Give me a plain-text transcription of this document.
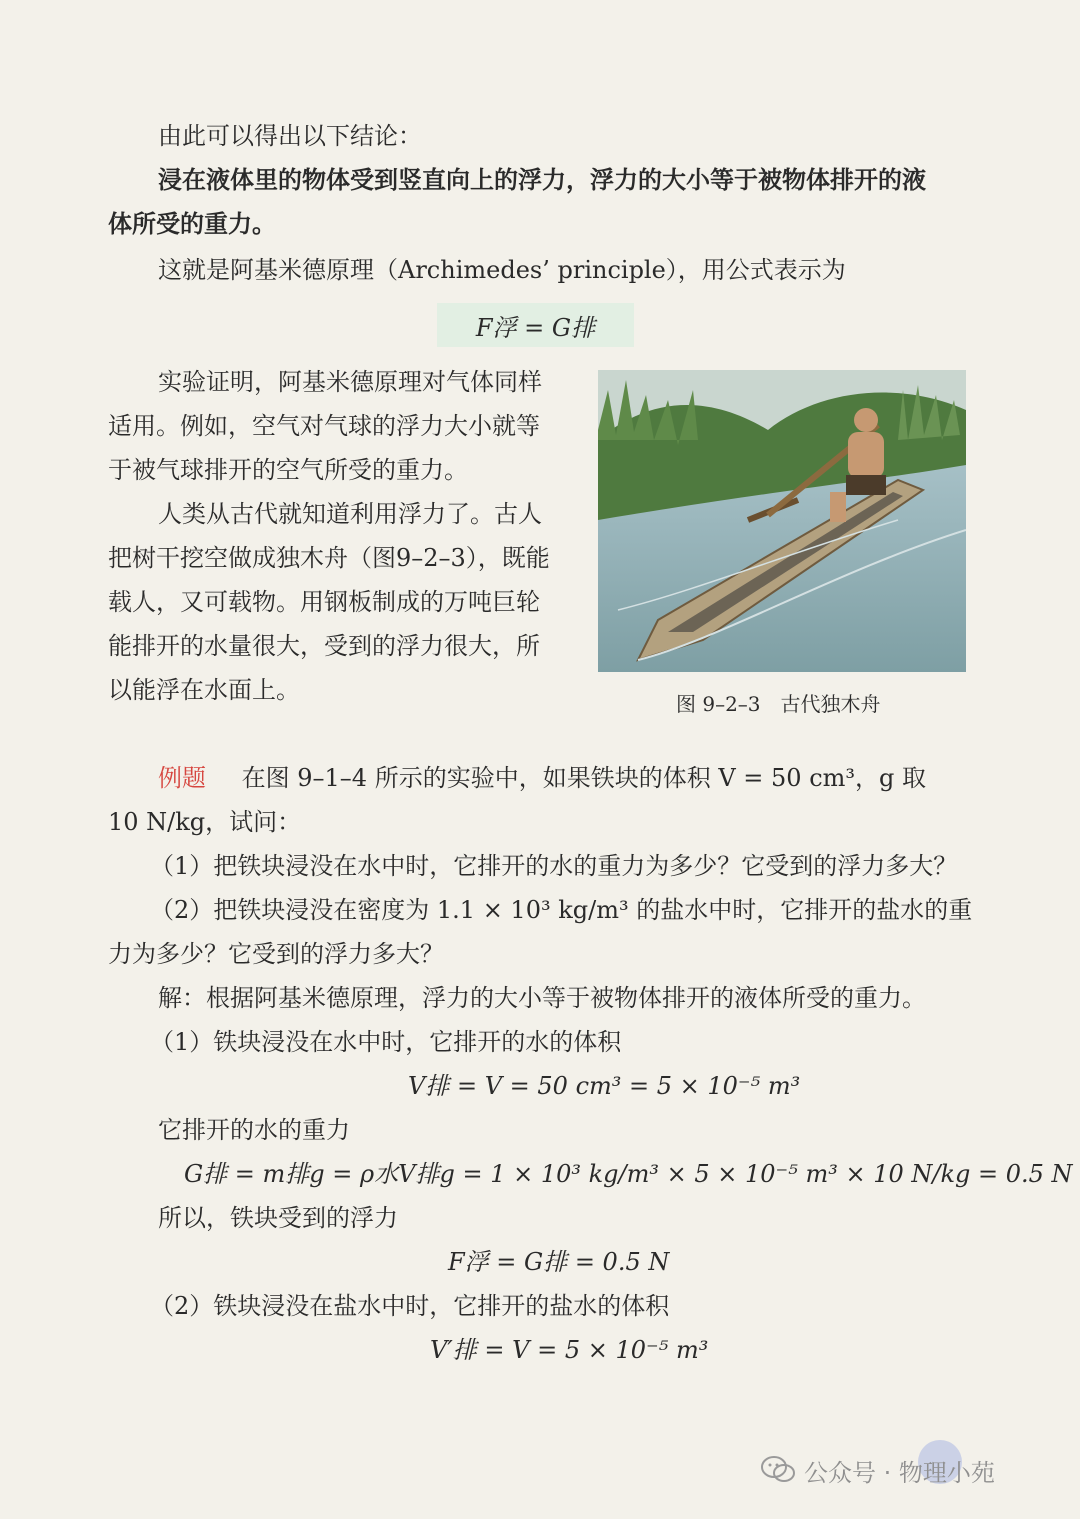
由此可以得出以下结论：
浸在液体里的物体受到竖直向上的浮力，浮力的大小等于被物体排开的液
体所受的重力。
这就是阿基米德原理（Archimedes’ principle），用公式表示为
F浮 = G排
实验证明，阿基米德原理对气体同样
适用。例如，空气对气球的浮力大小就等
于被气球排开的空气所受的重力。
人类从古代就知道利用浮力了。古人
把树干挖空做成独木舟（图9–2–3），既能
载人，又可载物。用钢板制成的万吨巨轮
能排开的水量很大，受到的浮力很大，所
以能浮在水面上。	图 9–2–3　古代独木舟
例题 在图 9–1–4 所示的实验中，如果铁块的体积 V = 50 cm³，g 取
10 N/kg，试问：
（1）把铁块浸没在水中时，它排开的水的重力为多少？它受到的浮力多大？
（2）把铁块浸没在密度为 1.1 × 10³ kg/m³ 的盐水中时，它排开的盐水的重
力为多少？它受到的浮力多大？
解：根据阿基米德原理，浮力的大小等于被物体排开的液体所受的重力。
（1）铁块浸没在水中时，它排开的水的体积
V排 = V = 50 cm³ = 5 × 10⁻⁵ m³
它排开的水的重力
G排 = m排g = ρ水V排g = 1 × 10³ kg/m³ × 5 × 10⁻⁵ m³ × 10 N/kg = 0.5 N
所以，铁块受到的浮力
F浮 = G排 = 0.5 N
（2）铁块浸没在盐水中时，它排开的盐水的体积
V′排 = V = 5 × 10⁻⁵ m³
公众号 · 物理小苑
